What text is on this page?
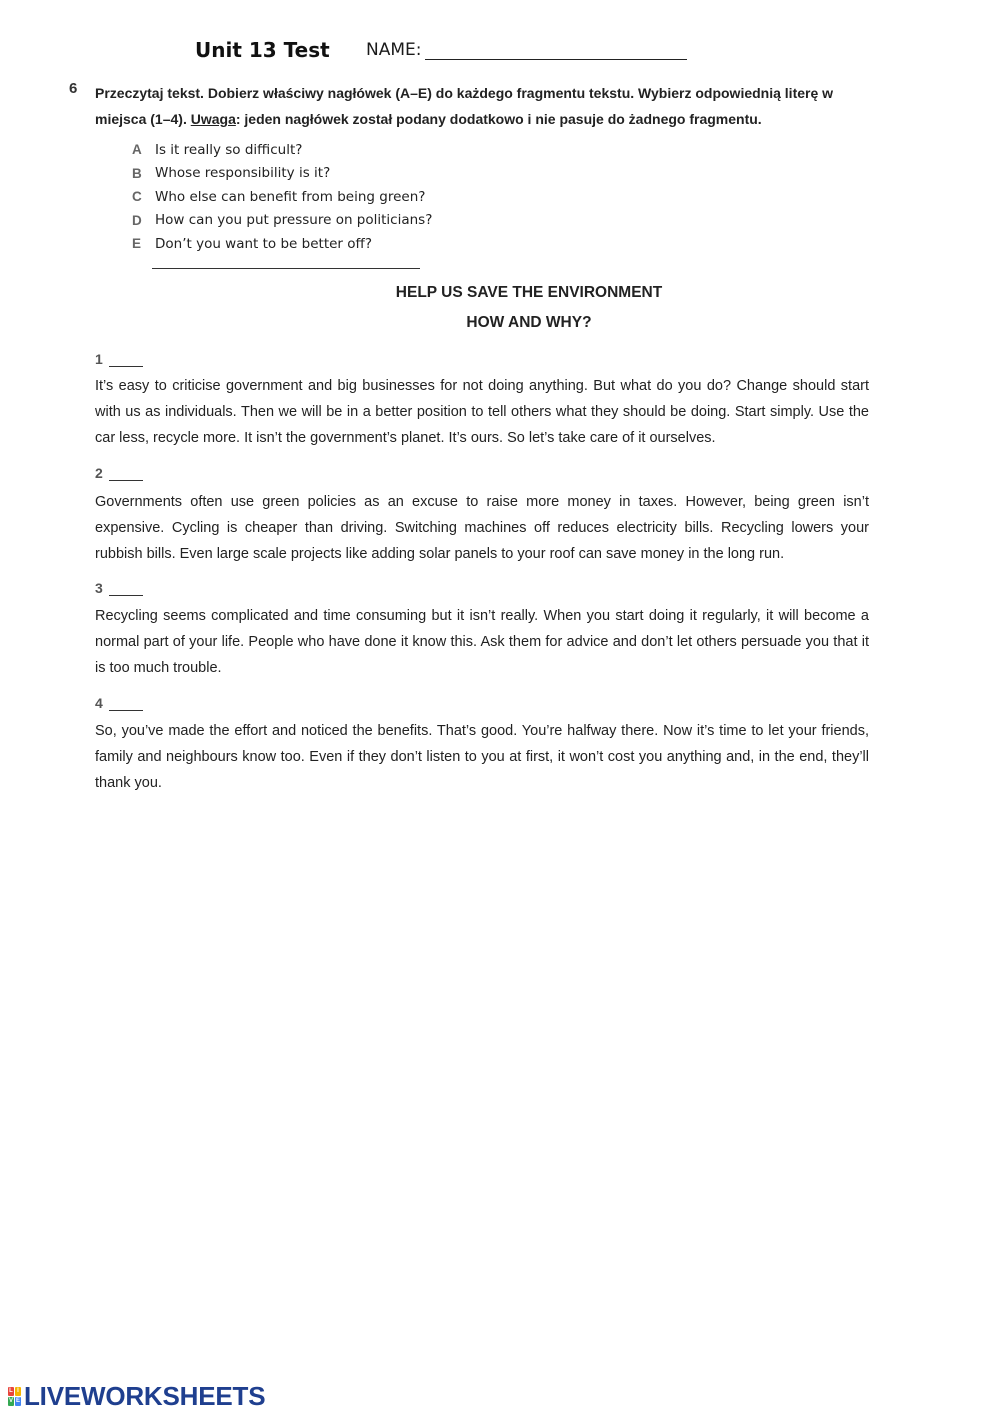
Unit 13 Test NAME:
6 Przeczytaj tekst. Dobierz właściwy nagłówek (A–E) do każdego fragmentu tekstu. Wybierz odpowiednią literę w miejsca (1–4). Uwaga: jeden nagłówek został podany dodatkowo i nie pasuje do żadnego fragmentu.
A Is it really so difficult?
B Whose responsibility is it?
C Who else can benefit from being green?
D How can you put pressure on politicians?
E	Don’t you want to be better off?
HELP US SAVE THE ENVIRONMENT
HOW AND WHY?
1
It’s easy to criticise government and big businesses for not doing anything. But what do you do? Change should start with us as individuals. Then we will be in a better position to tell others what they should be doing. Start simply. Use the car less, recycle more. It isn’t the government’s planet. It’s ours. So let’s take care of it ourselves.
2
Governments often use green policies as an excuse to raise more money in taxes. However, being green isn’t expensive. Cycling is cheaper than driving. Switching machines off reduces electricity bills. Recycling lowers your rubbish bills. Even large scale projects like adding solar panels to your roof can save money in the long run.
3
Recycling seems complicated and time consuming but it isn’t really. When you start doing it regularly, it will become a normal part of your life. People who have done it know this. Ask them for advice and don’t let others persuade you that it is too much trouble.
4
So, you’ve made the effort and noticed the benefits. That’s good. You’re halfway there. Now it’s time to let your friends, family and neighbours know too. Even if they don’t listen to you at first, it won’t cost you anything and, in the end, they’ll thank you.
L I
V E LIVEWORKSHEETS
